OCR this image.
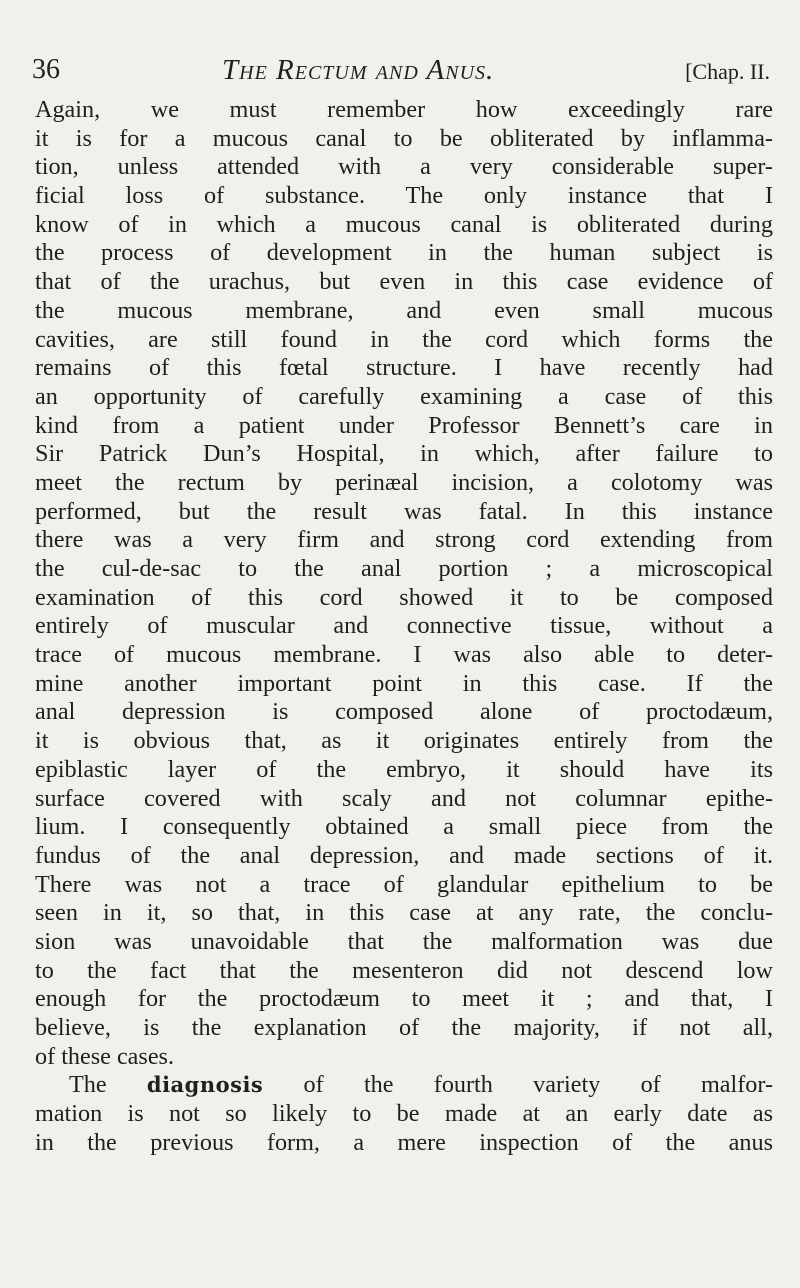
36	The Rectum and Anus.	[Chap. II.
Again, we must remember how exceedingly rare
it is for a mucous canal to be obliterated by inflamma-
tion, unless attended with a very considerable super-
ficial loss of substance. The only instance that I
know of in which a mucous canal is obliterated during
the process of development in the human subject is
that of the urachus, but even in this case evidence of
the mucous membrane, and even small mucous
cavities, are still found in the cord which forms the
remains of this fœtal structure. I have recently had
an opportunity of carefully examining a case of this
kind from a patient under Professor Bennett’s care in
Sir Patrick Dun’s Hospital, in which, after failure to
meet the rectum by perinæal incision, a colotomy was
performed, but the result was fatal. In this instance
there was a very firm and strong cord extending from
the cul-de-sac to the anal portion ; a microscopical
examination of this cord showed it to be composed
entirely of muscular and connective tissue, without a
trace of mucous membrane. I was also able to deter-
mine another important point in this case. If the
anal depression is composed alone of proctodæum,
it is obvious that, as it originates entirely from the
epiblastic layer of the embryo, it should have its
surface covered with scaly and not columnar epithe-
lium. I consequently obtained a small piece from the
fundus of the anal depression, and made sections of it.
There was not a trace of glandular epithelium to be
seen in it, so that, in this case at any rate, the conclu-
sion was unavoidable that the malformation was due
to the fact that the mesenteron did not descend low
enough for the proctodæum to meet it ; and that, I
believe, is the explanation of the majority, if not all,
of these cases.
The diagnosis of the fourth variety of malfor-
mation is not so likely to be made at an early date as
in the previous form, a mere inspection of the anus
